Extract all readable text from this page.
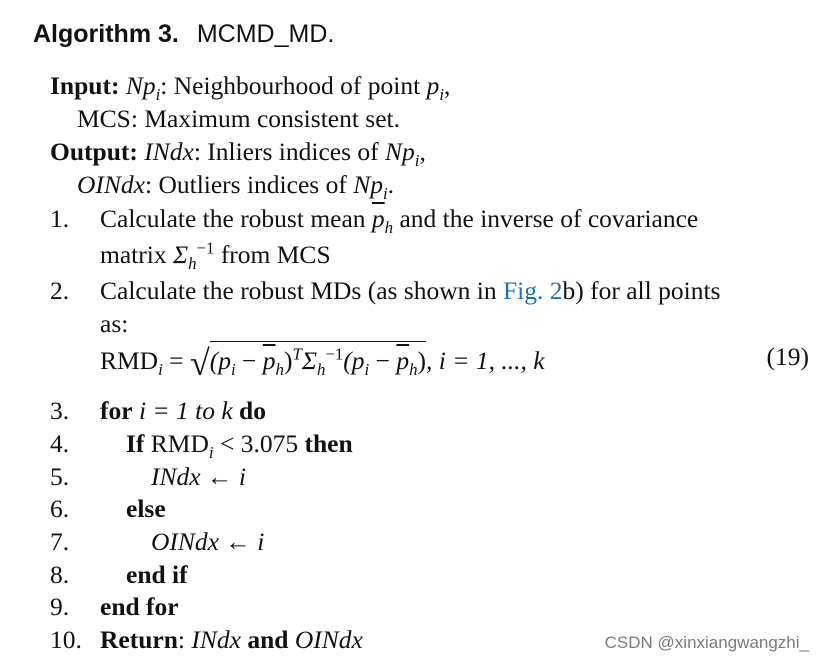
Algorithm 3. MCMD_MD.
Input: $Np_i$: Neighbourhood of point $p_i$,
MCS: Maximum consistent set.
Output: INdx: Inliers indices of $Np_i$,
OINdx: Outliers indices of $Np_i$.
1. Calculate the robust mean $\overline{p}_h$ and the inverse of covariance
matrix $\Sigma_h^{-1}$ from MCS
2. Calculate the robust MDs (as shown in Fig. 2b) for all points
as:
$RMD_i = √(p_i - \overline{p}_h)^T\Sigma_h^{-1}(p_i - \overline{p}_h)$, i = 1, ..., k	(19)
3. for i = 1 to k do
4. If $RMD_i < 3.075$ then
5.	INdx ← i
6. else
7.	OINdx ← i
8. end if
9. end for
10. Return: INdx and OINdx	CSDN @xinxiangwangzhi_
